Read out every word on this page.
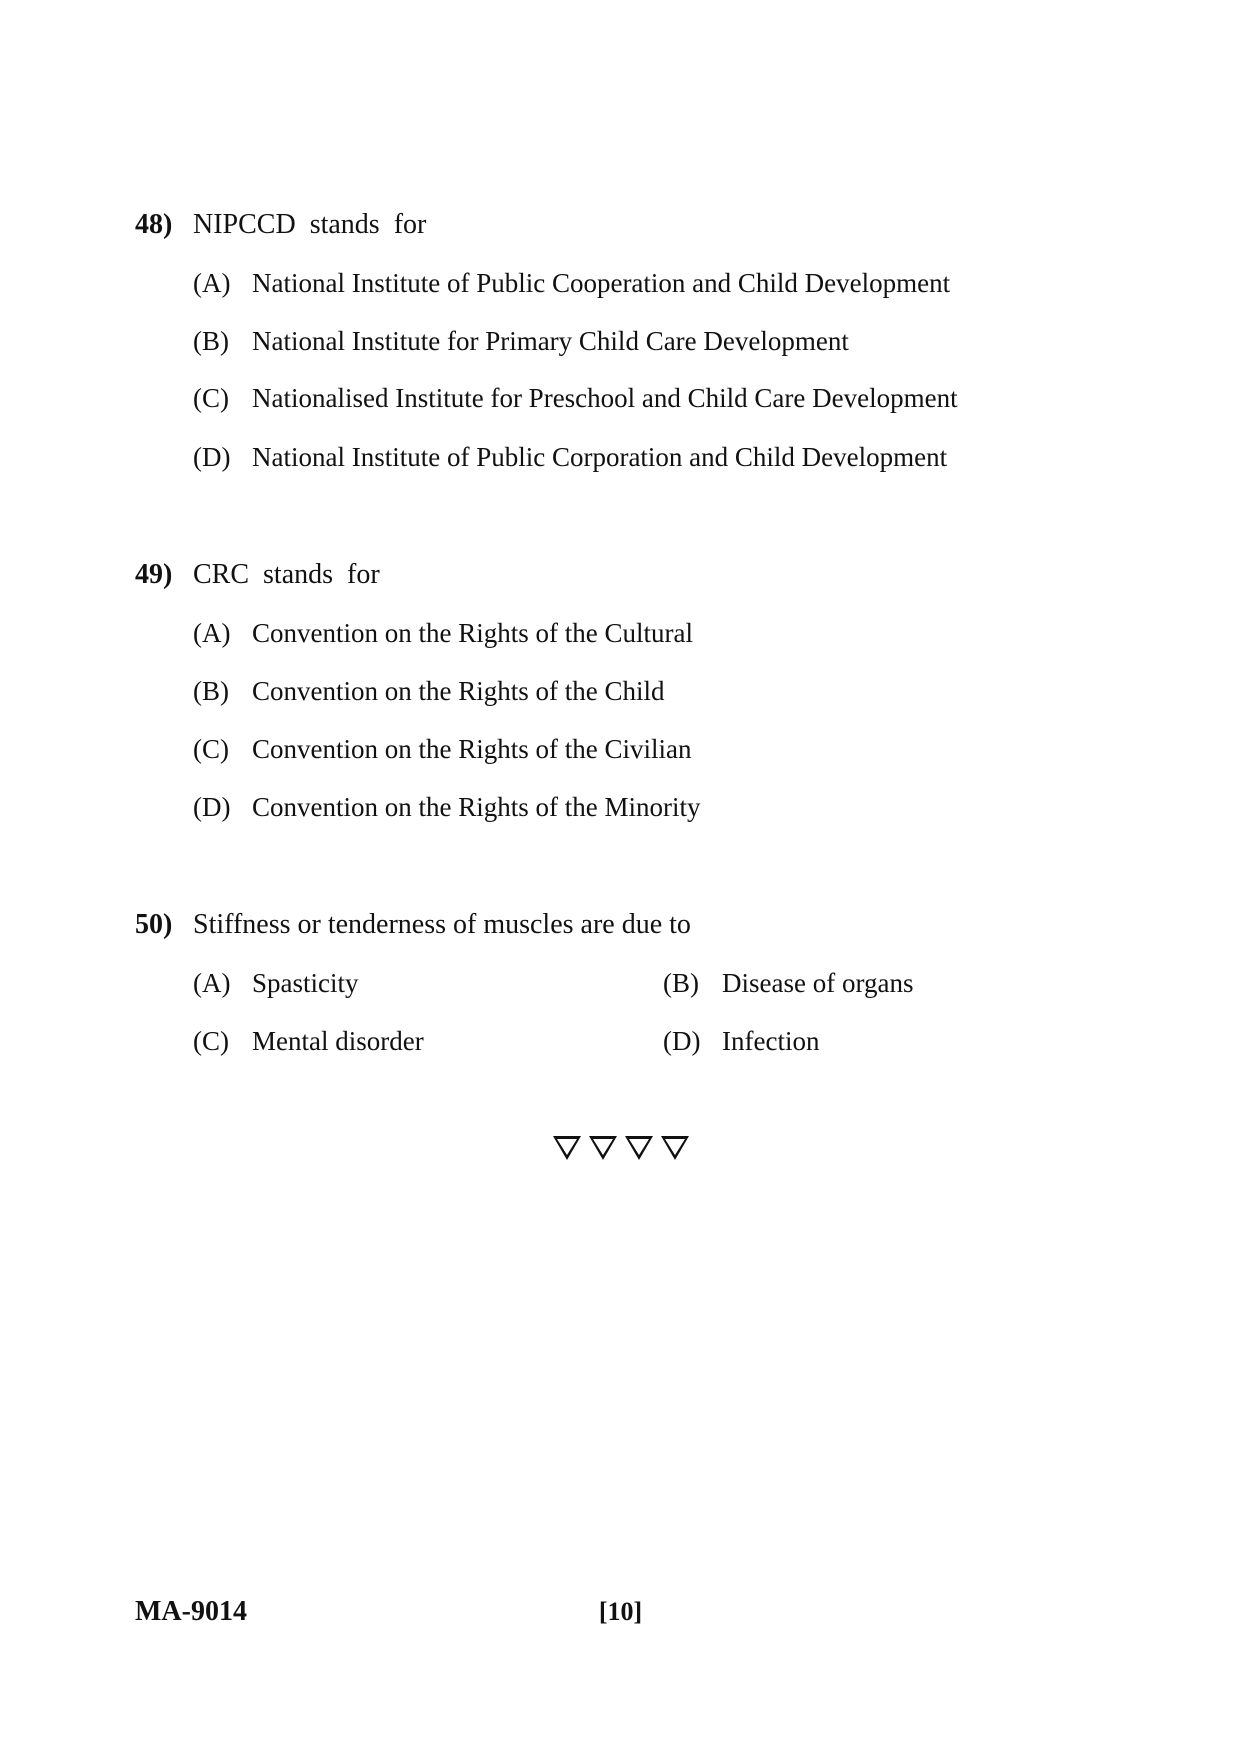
48) NIPCCD  stands  for
(A) National Institute of Public Cooperation and Child Development
(B) National Institute for Primary Child Care Development
(C) Nationalised Institute for Preschool and Child Care Development
(D) National Institute of Public Corporation and Child Development
49) CRC  stands  for
(A) Convention on the Rights of the Cultural
(B) Convention on the Rights of the Child
(C) Convention on the Rights of the Civilian
(D) Convention on the Rights of the Minority
50) Stiffness or tenderness of muscles are due to
(A) Spasticity	(B) Disease of organs
(C) Mental disorder	(D) Infection
MA-9014	[10]
